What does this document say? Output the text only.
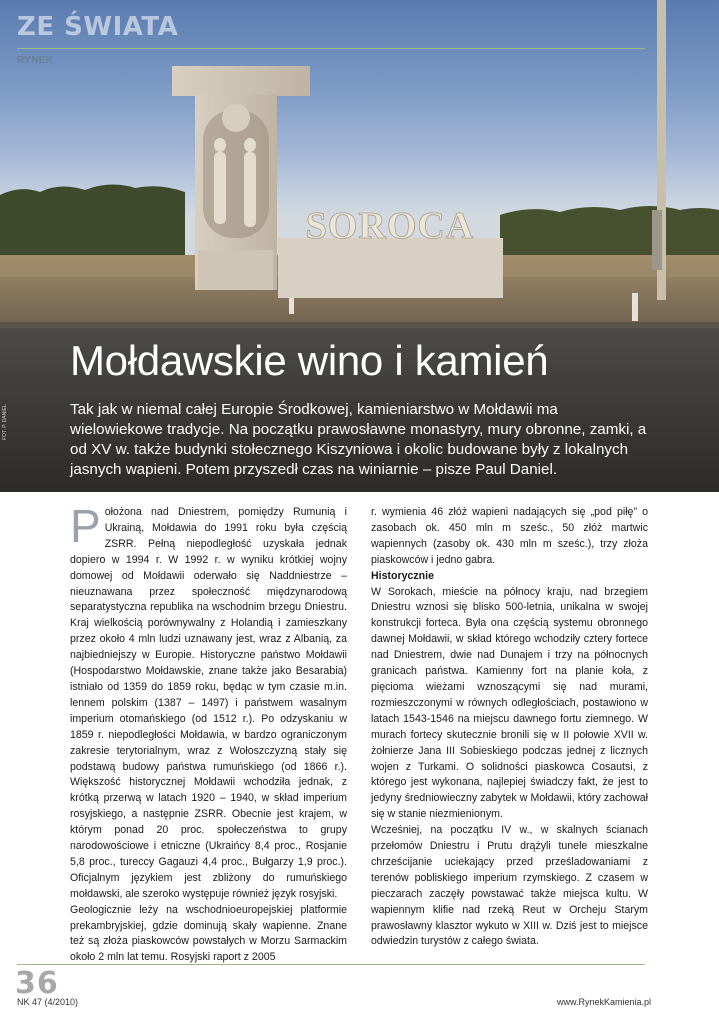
SOROCA
ZE ŚWIATA
RYNEK
Mołdawskie wino i kamień

Tak jak w niemal całej Europie Środkowej, kamieniarstwo w Mołdawii ma wielowiekowe tradycje. Na początku prawosławne monastyry, mury obronne, zamki, a od XV w. także budynki stołecznego Kiszyniowa i okolic budowane były z lokalnych jasnych wapieni. Potem przyszedł czas na winiarnie – pisze Paul Daniel.

FOT. P. DANIEL

Położona nad Dniestrem, pomiędzy Rumunią i Ukrainą, Mołdawia do 1991 roku była częścią ZSRR. Pełną niepodległość uzyskała jednak dopiero w 1994 r. W 1992 r. w wyniku krótkiej wojny domowej od Mołdawii oderwało się Naddniestrze – nieuznawana przez społeczność międzynarodową separatystyczna republika na wschodnim brzegu Dniestru. Kraj wielkością porównywalny z Holandią i zamieszkany przez około 4 mln ludzi uznawany jest, wraz z Albanią, za najbiedniejszy w Europie. Historyczne państwo Mołdawii (Hospodarstwo Mołdawskie, znane także jako Besarabia) istniało od 1359 do 1859 roku, będąc w tym czasie m.in. lennem polskim (1387 – 1497) i państwem wasalnym imperium otomańskiego (od 1512 r.). Po odzyskaniu w 1859 r. niepodległości Mołdawia, w bardzo ograniczonym zakresie terytorialnym, wraz z Wołoszczyzną stały się podstawą budowy państwa rumuńskiego (od 1866 r.). Większość historycznej Mołdawii wchodziła jednak, z krótką przerwą w latach 1920 – 1940, w skład imperium rosyjskiego, a następnie ZSRR. Obecnie jest krajem, w którym ponad 20 proc. społeczeństwa to grupy narodowościowe i etniczne (Ukraińcy 8,4 proc., Rosjanie 5,8 proc., tureccy Gagauzi 4,4 proc., Bułgarzy 1,9 proc.). Oficjalnym językiem jest zbliżony do rumuńskiego mołdawski, ale szeroko występuje również język rosyjski.

Geologicznie leży na wschodnioeuropejskiej platformie prekambryjskiej, gdzie dominują skały wapienne. Znane też są złoża piaskowców powstałych w Morzu Sarmackim około 2 mln lat temu. Rosyjski raport z 2005

r. wymienia 46 złóż wapieni nadających się „pod piłę” o zasobach ok. 450 mln m sześc., 50 złóż martwic wapiennych (zasoby ok. 430 mln m sześc.), trzy złoża piaskowców i jedno gabra.

Historycznie

W Sorokach, mieście na północy kraju, nad brzegiem Dniestru wznosi się blisko 500-letnia, unikalna w swojej konstrukcji forteca. Była ona częścią systemu obronnego dawnej Mołdawii, w skład którego wchodziły cztery fortece nad Dniestrem, dwie nad Dunajem i trzy na północnych granicach państwa. Kamienny fort na planie koła, z pięcioma wieżami wznoszącymi się nad murami, rozmieszczonymi w równych odległościach, postawiono w latach 1543-1546 na miejscu dawnego fortu ziemnego. W murach fortecy skutecznie bronili się w II połowie XVII w. żołnierze Jana III Sobieskiego podczas jednej z licznych wojen z Turkami. O solidności piaskowca Cosautsi, z którego jest wykonana, najlepiej świadczy fakt, że jest to jedyny średniowieczny zabytek w Mołdawii, który zachował się w stanie niezmienionym.

Wcześniej, na początku IV w., w skalnych ścianach przełomów Dniestru i Prutu drążyli tunele mieszkalne chrześcijanie uciekający przed prześladowaniami z terenów pobliskiego imperium rzymskiego. Z czasem w pieczarach zaczęły powstawać także miejsca kultu. W wapiennym klifie nad rzeką Reut w Orcheju Starym prawosławny klasztor wykuto w XIII w. Dziś jest to miejsce odwiedzin turystów z całego świata.

36
NK 47 (4/2010)	www.RynekKamienia.pl
